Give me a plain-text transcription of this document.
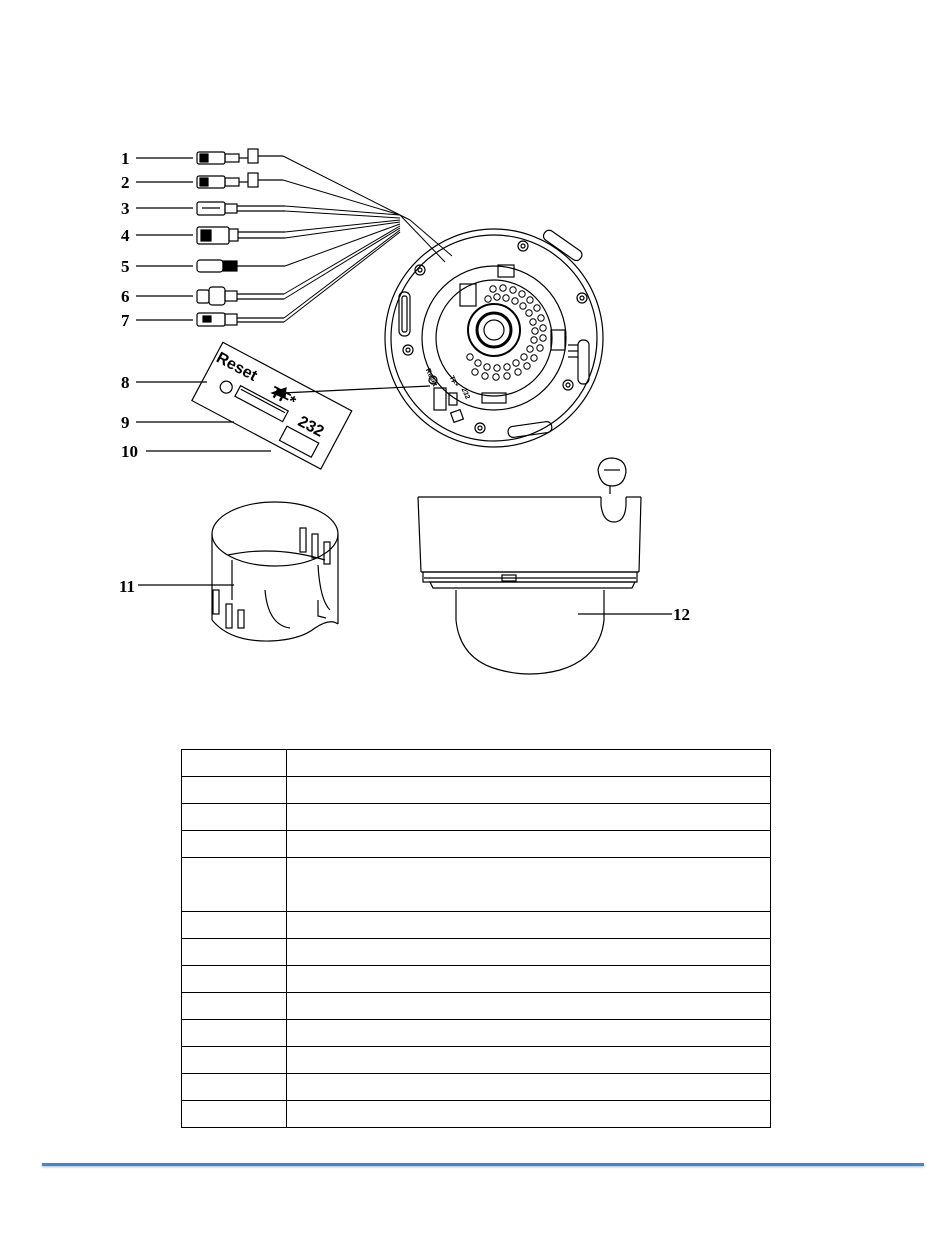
1
2
3
4
5
6
7
8
9
10
11
12
Reset TF*
232
Reset
TF*
232
